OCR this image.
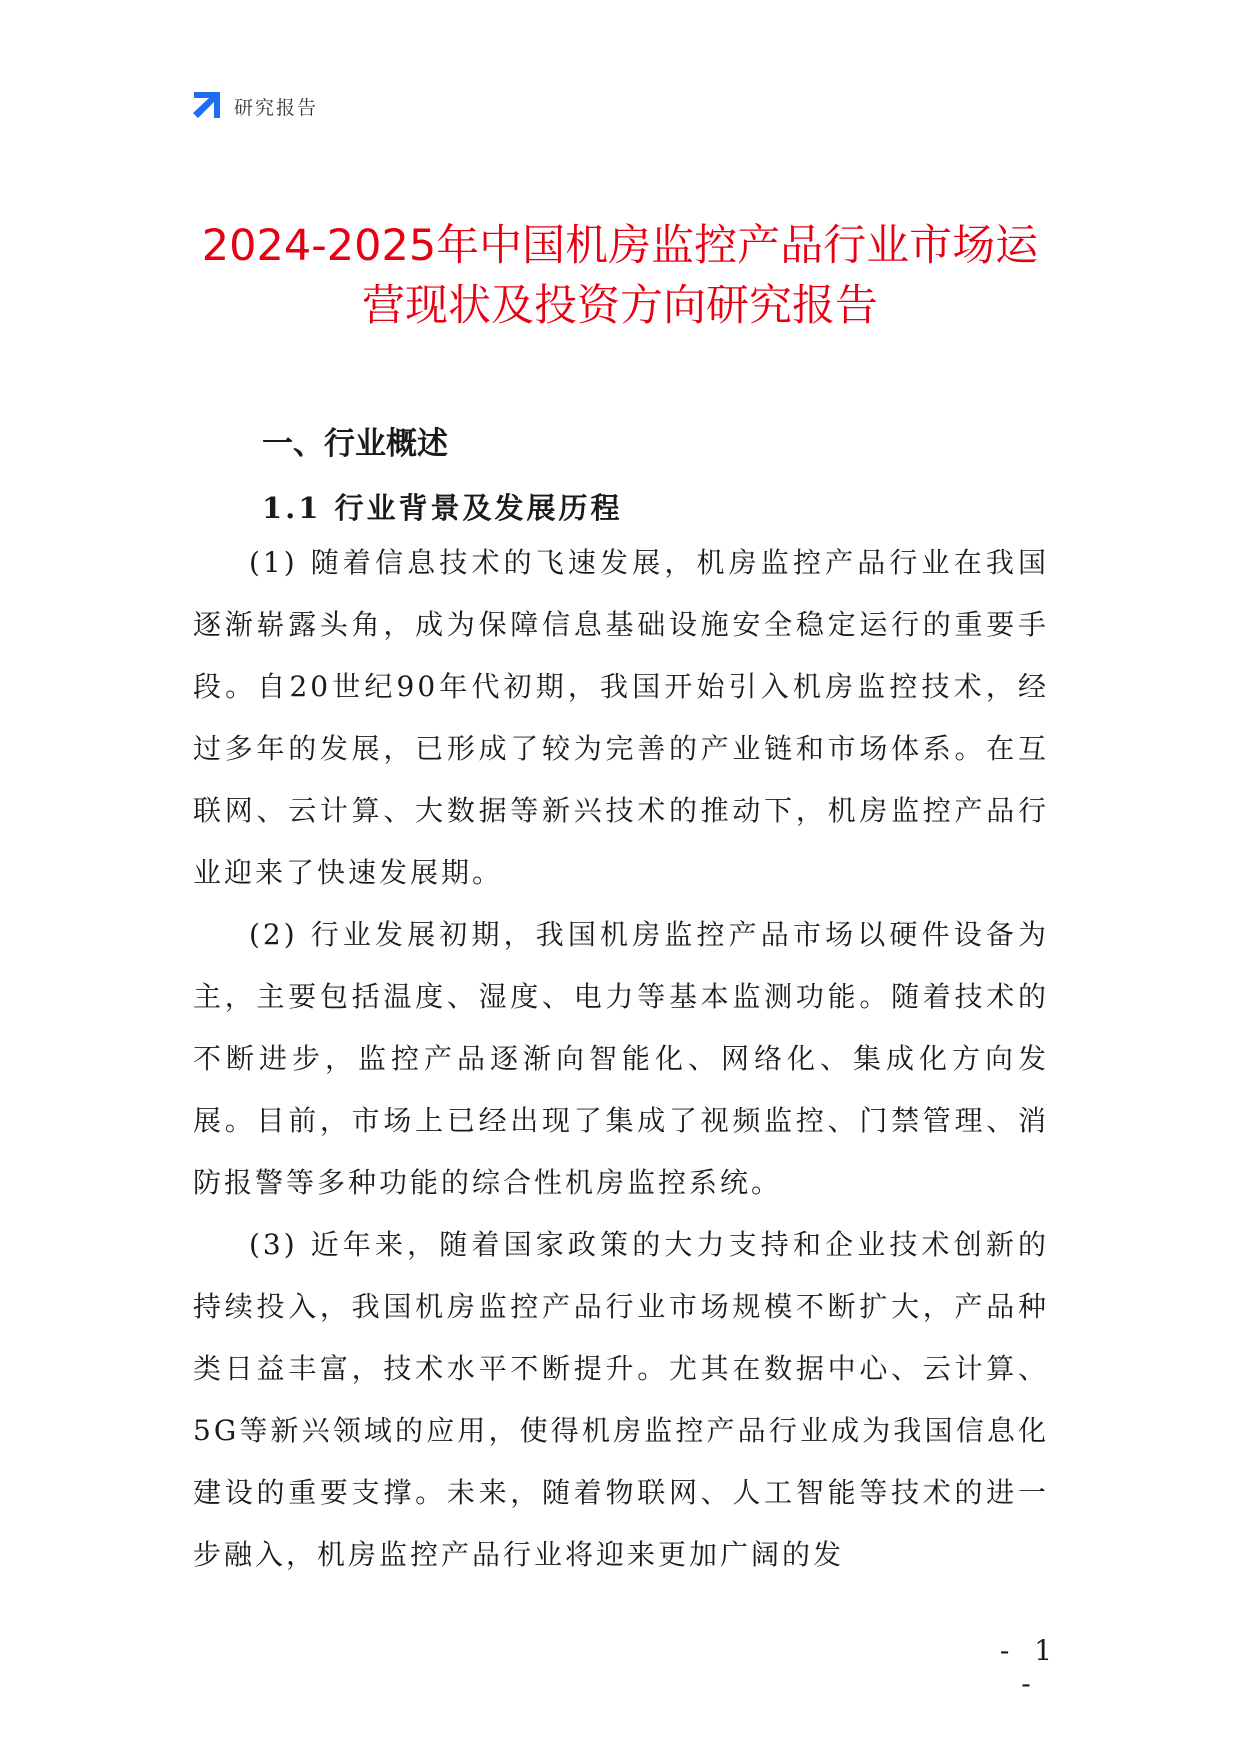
研究报告
2024-2025年中国机房监控产品行业市场运
营现状及投资方向研究报告
一、行业概述
1.1 行业背景及发展历程

(1) 随着信息技术的飞速发展，机房监控产品行业在我国逐渐崭露头角，成为保障信息基础设施安全稳定运行的重要手段。自20世纪90年代初期，我国开始引入机房监控技术，经过多年的发展，已形成了较为完善的产业链和市场体系。在互联网、云计算、大数据等新兴技术的推动下，机房监控产品行业迎来了快速发展期。

(2) 行业发展初期，我国机房监控产品市场以硬件设备为主，主要包括温度、湿度、电力等基本监测功能。随着技术的不断进步，监控产品逐渐向智能化、网络化、集成化方向发展。目前，市场上已经出现了集成了视频监控、门禁管理、消防报警等多种功能的综合性机房监控系统。

(3) 近年来，随着国家政策的大力支持和企业技术创新的持续投入，我国机房监控产品行业市场规模不断扩大，产品种类日益丰富，技术水平不断提升。尤其在数据中心、云计算、5G等新兴领域的应用，使得机房监控产品行业成为我国信息化建设的重要支撑。未来，随着物联网、人工智能等技术的进一步融入，机房监控产品行业将迎来更加广阔的发

- 1 -
